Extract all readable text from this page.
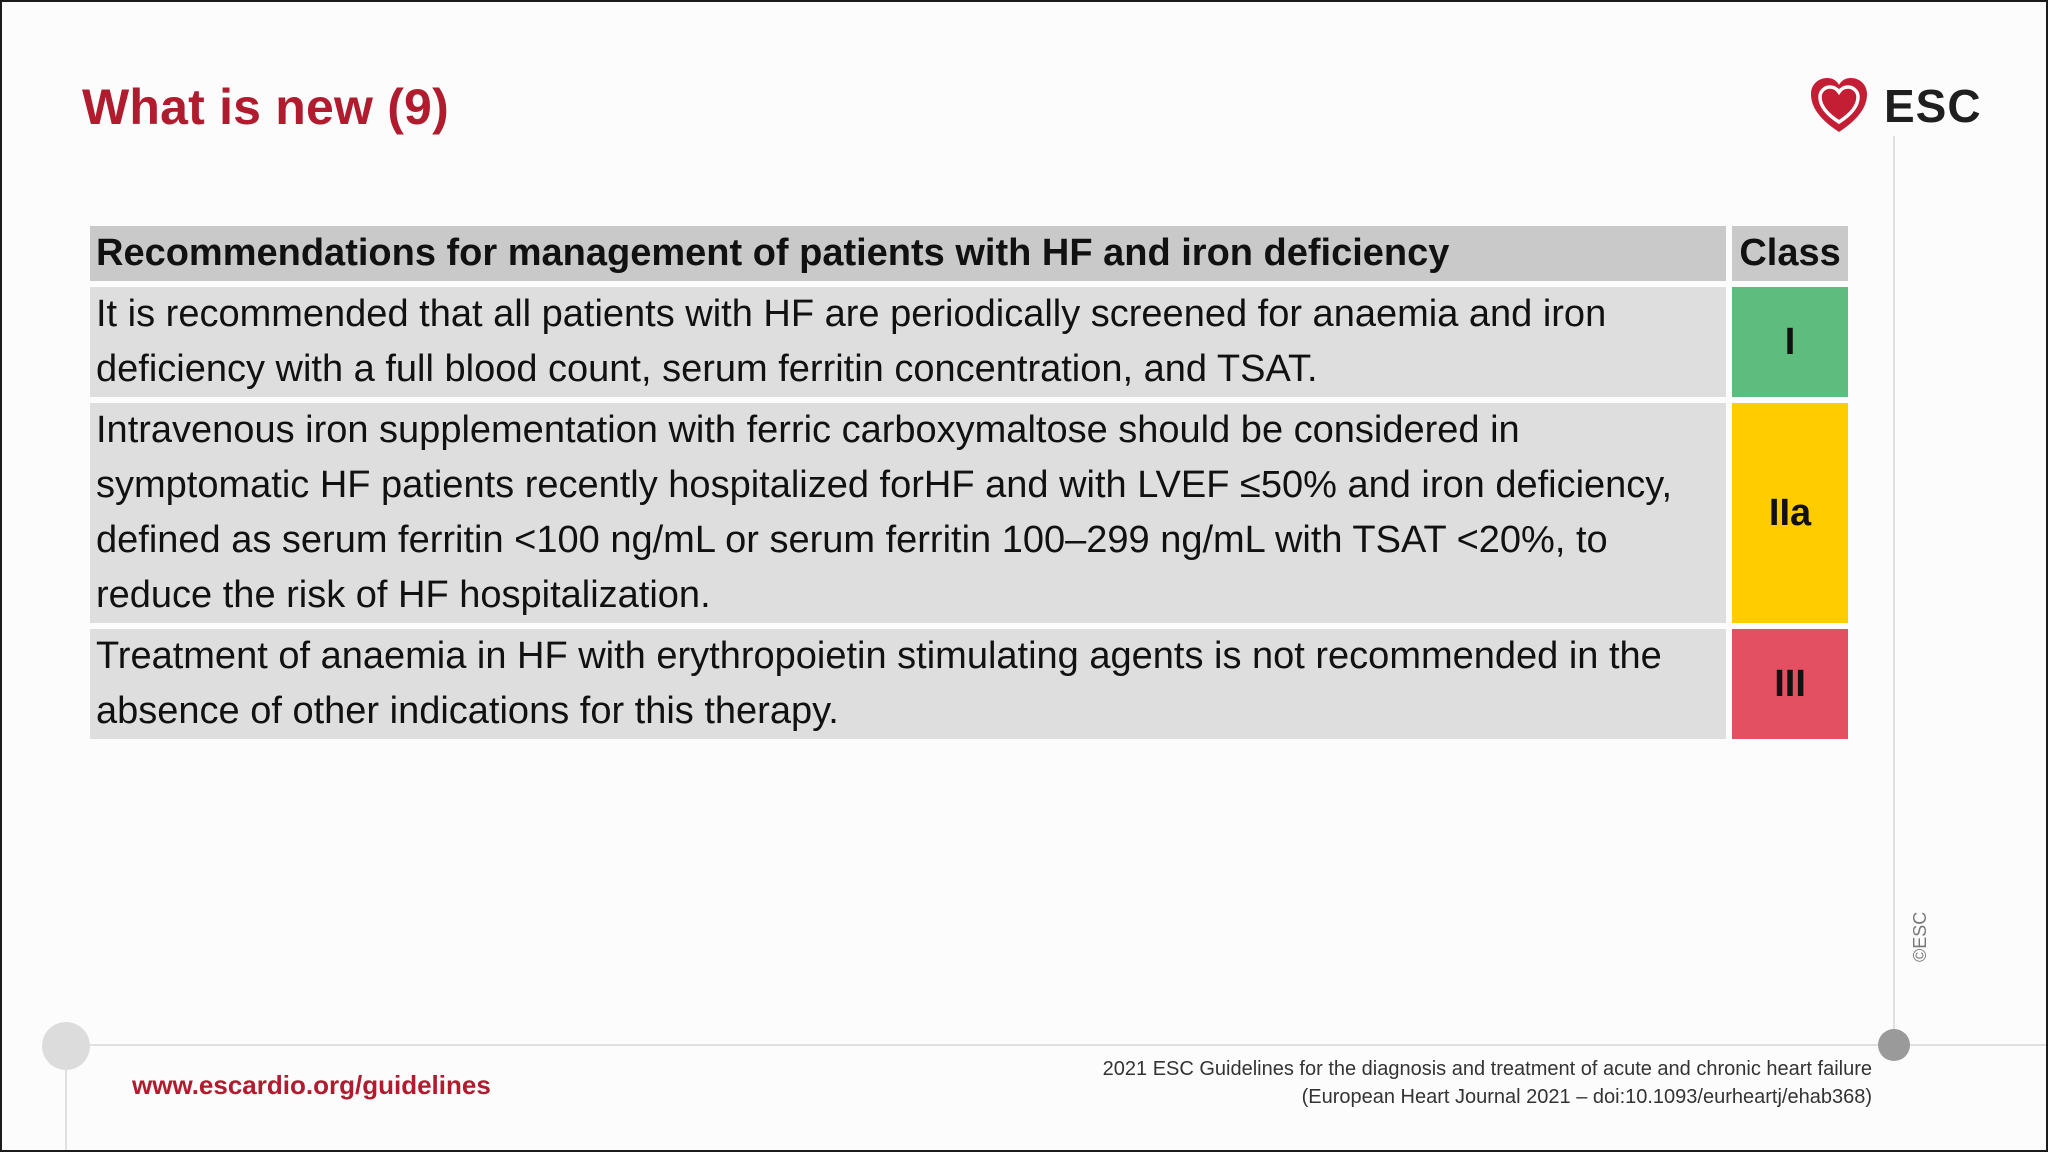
What is new (9)	ESC
©ESC
Recommendations for management of patients with HF and iron deficiency	Class
It is recommended that all patients with HF are periodically screened for anaemia and iron deficiency with a full blood count, serum ferritin concentration, and TSAT.	I
Intravenous iron supplementation with ferric carboxymaltose should be considered in symptomatic HF patients recently hospitalized forHF and with LVEF ≤50% and iron deficiency, defined as serum ferritin <100 ng/mL or serum ferritin 100–299 ng/mL with TSAT <20%, to reduce the risk of HF hospitalization.	IIa
Treatment of anaemia in HF with erythropoietin stimulating agents is not recommended in the absence of other indications for this therapy.	III
www.escardio.org/guidelines
2021 ESC Guidelines for the diagnosis and treatment of acute and chronic heart failure
(European Heart Journal 2021 – doi:10.1093/eurheartj/ehab368)
